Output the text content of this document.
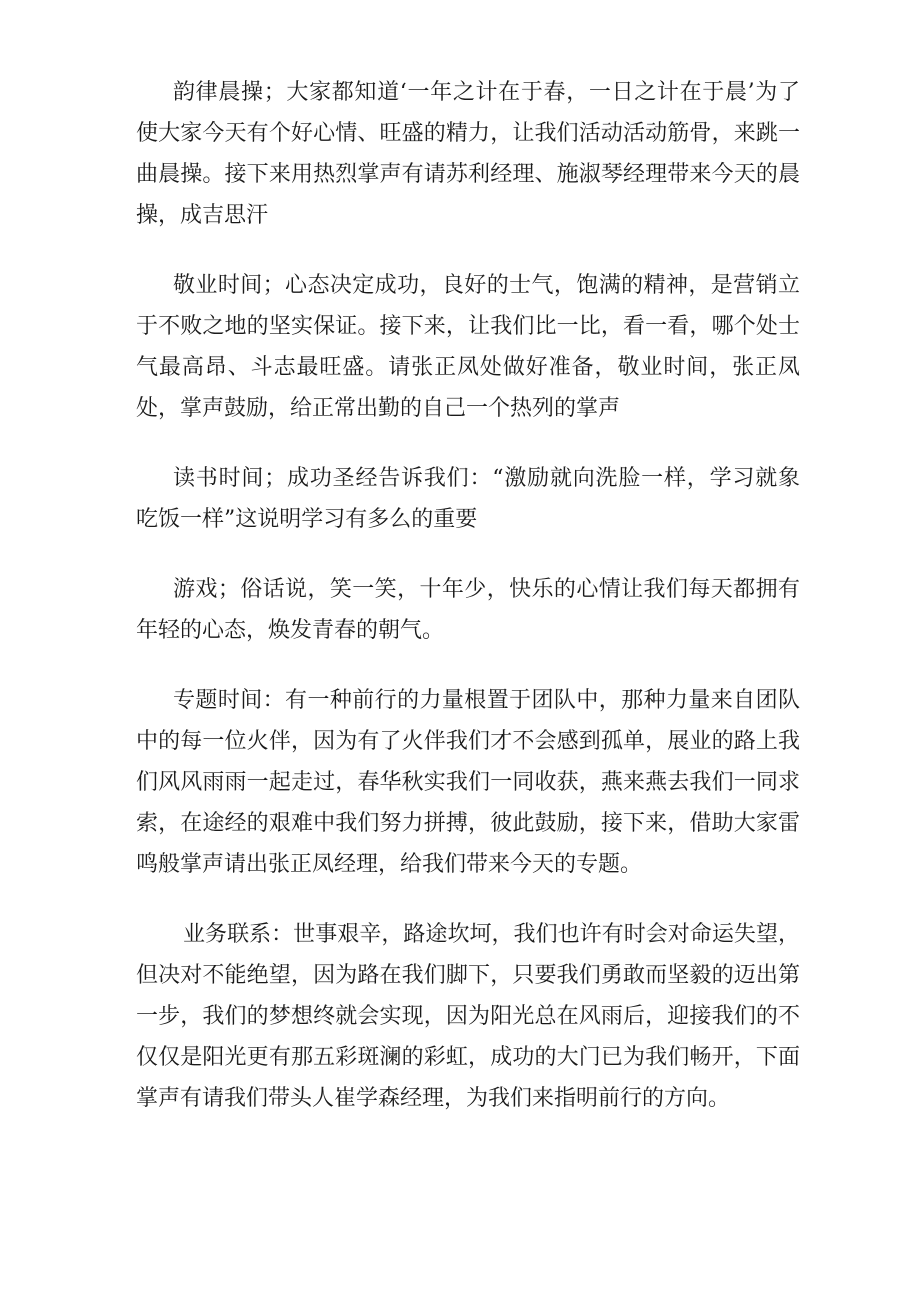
韵律晨操；大家都知道‘一年之计在于春，一日之计在于晨’为了使大家今天有个好心情、旺盛的精力，让我们活动活动筋骨，来跳一曲晨操。接下来用热烈掌声有请苏利经理、施淑琴经理带来今天的晨操，成吉思汗

敬业时间；心态决定成功，良好的士气，饱满的精神，是营销立于不败之地的坚实保证。接下来，让我们比一比，看一看，哪个处士气最高昂、斗志最旺盛。请张正凤处做好准备，敬业时间，张正凤处，掌声鼓励，给正常出勤的自己一个热列的掌声

读书时间；成功圣经告诉我们：“激励就向洗脸一样，学习就象吃饭一样”这说明学习有多么的重要

游戏；俗话说，笑一笑，十年少，快乐的心情让我们每天都拥有年轻的心态，焕发青春的朝气。

专题时间：有一种前行的力量根置于团队中，那种力量来自团队中的每一位火伴，因为有了火伴我们才不会感到孤单，展业的路上我们风风雨雨一起走过，春华秋实我们一同收获，燕来燕去我们一同求索，在途经的艰难中我们努力拼搏，彼此鼓励，接下来，借助大家雷鸣般掌声请出张正凤经理，给我们带来今天的专题。

业务联系：世事艰辛，路途坎坷，我们也许有时会对命运失望，但决对不能绝望，因为路在我们脚下，只要我们勇敢而坚毅的迈出第一步，我们的梦想终就会实现，因为阳光总在风雨后，迎接我们的不仅仅是阳光更有那五彩斑澜的彩虹，成功的大门已为我们畅开，下面掌声有请我们带头人崔学森经理，为我们来指明前行的方向。
